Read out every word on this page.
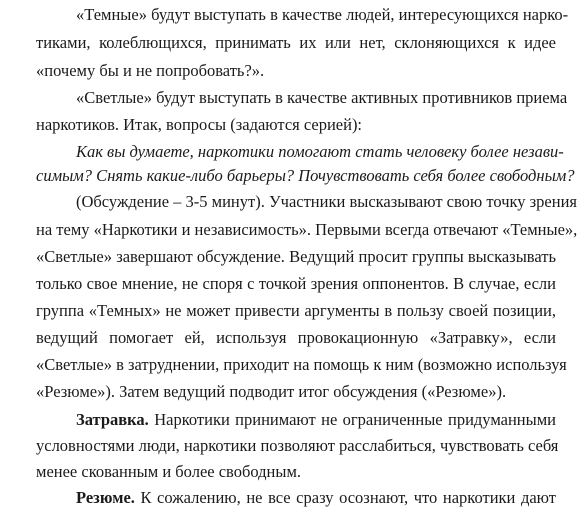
«Темные» будут выступать в качестве людей, интересующихся нарко-
тиками, колеблющихся, принимать их или нет, склоняющихся к идее
«почему бы и не попробовать?».
«Светлые» будут выступать в качестве активных противников приема
наркотиков. Итак, вопросы (задаются серией):
Как вы думаете, наркотики помогают стать человеку более незави-
симым? Снять какие-либо барьеры? Почувствовать себя более свободным?
(Обсуждение – 3-5 минут). Участники высказывают свою точку зрения
на тему «Наркотики и независимость». Первыми всегда отвечают «Темные»,
«Светлые» завершают обсуждение. Ведущий просит группы высказывать
только свое мнение, не споря с точкой зрения оппонентов. В случае, если
группа «Темных» не может привести аргументы в пользу своей позиции,
ведущий помогает ей, используя провокационную «Затравку», если
«Светлые» в затруднении, приходит на помощь к ним (возможно используя
«Резюме»). Затем ведущий подводит итог обсуждения («Резюме»).
Затравка. Наркотики принимают не ограниченные придуманными
условностями люди, наркотики позволяют расслабиться, чувствовать себя
менее скованным и более свободным.
Резюме. К сожалению, не все сразу осознают, что наркотики дают
